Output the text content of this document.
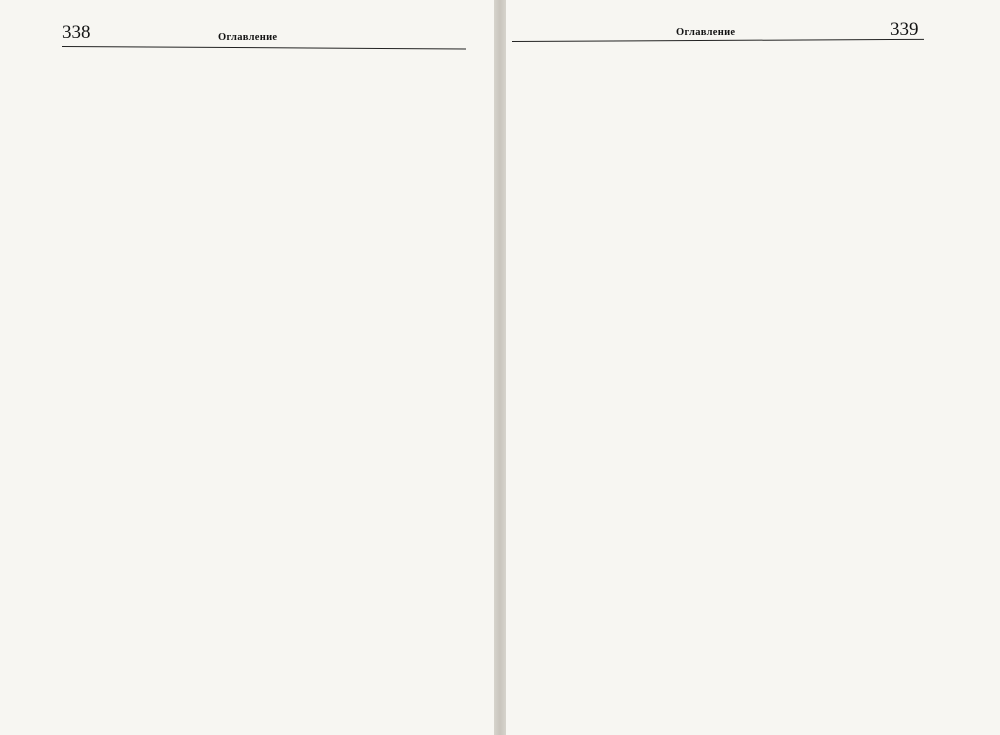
338	Оглавление	339
Оглавление
